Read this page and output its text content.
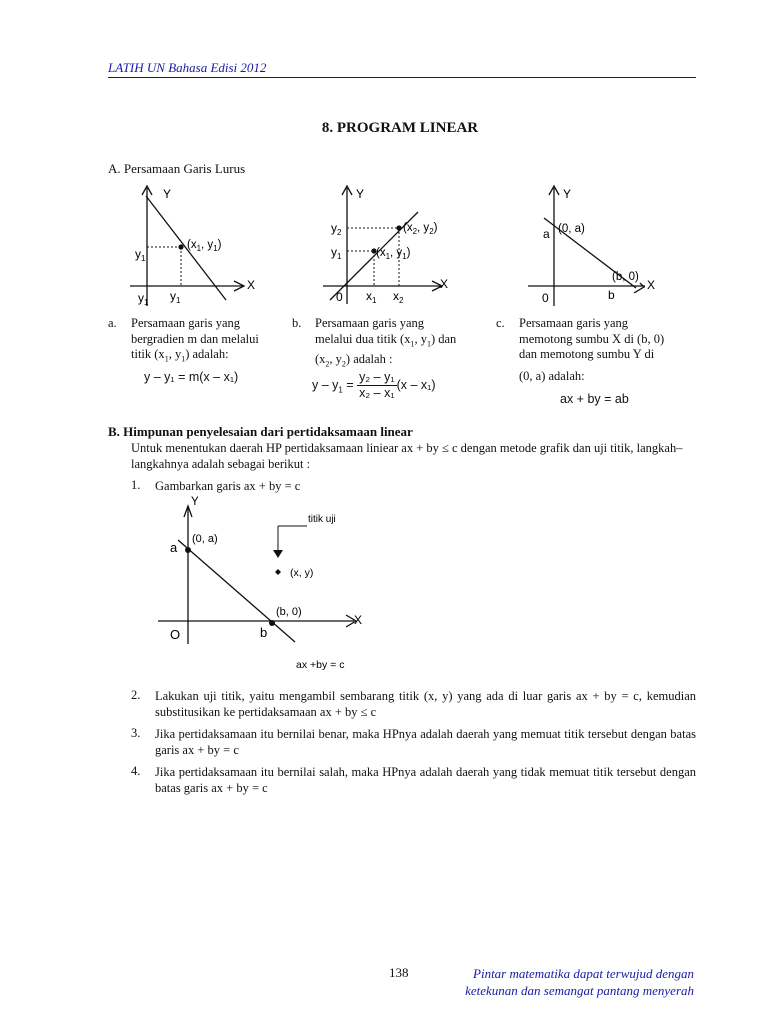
LATIH UN Bahasa Edisi 2012
8. PROGRAM LINEAR
A. Persamaan Garis Lurus
Y
X
($x_1$, $y_1$)
$y_1$
$y_1$ $y_1$
Y
X
$y_2$
$y_1$
($x_2$, $y_2$)
($x_1$, $y_1$)
0 $x_1$ $x_2$
Y
X
a (0, a)
(b, 0)
0	b
a. Persamaan garis yang
bergradien m dan melalui
titik ($x_1$, $y_1$) adalah:
y – y₁ = m(x – x₁)
b. Persamaan garis yang
melalui dua titik ($x_1$, $y_1$) dan
($x_2$, $y_2$) adalah :
$y - y_1 = \frac{\text{y₂ – y₁}}{\text{x₂ – x₁}} (x - x_1)$
c. Persamaan garis yang
memotong sumbu X di (b, 0)
dan memotong sumbu Y di
(0, a) adalah:
ax + by = ab
B. Himpunan penyelesaian dari pertidaksamaan linear
Untuk menentukan daerah HP pertidaksamaan liniear ax + by ≤ c dengan metode grafik dan uji titik, langkah–langkahnya adalah sebagai berikut :
1. Gambarkan garis ax + by = c
Y
X
a
(0, a)
(b, 0)
O	b
ax +by = c
titik uji
(x, y)
2. Lakukan uji titik, yaitu mengambil sembarang titik (x, y) yang ada di luar garis ax + by = c, kemudian substitusikan ke pertidaksamaan ax + by ≤ c
3. Jika pertidaksamaan itu bernilai benar, maka HPnya adalah daerah yang memuat titik tersebut dengan batas garis ax + by = c
4. Jika pertidaksamaan itu bernilai salah, maka HPnya adalah daerah yang tidak memuat titik tersebut dengan batas garis ax + by = c
138	Pintar matematika dapat terwujud dengan
ketekunan dan semangat pantang menyerah
